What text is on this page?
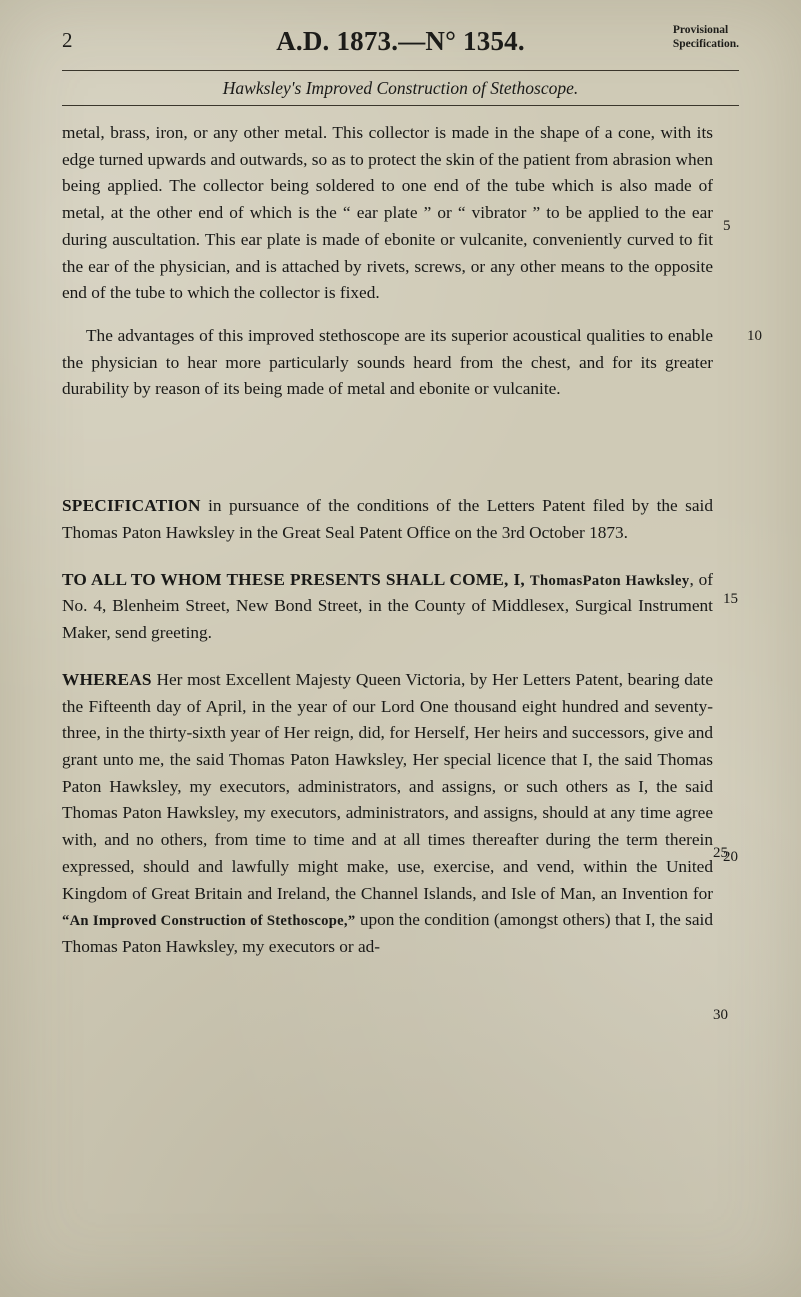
2	A.D. 1873.—N° 1354.	Provisional
Specification.
Hawksley's Improved Construction of Stethoscope.

5
metal, brass, iron, or any other metal. This collector is made in the shape of a cone, with its edge turned upwards and outwards, so as to protect the skin of the patient from abrasion when being applied. The collector being soldered to one end of the tube which is also made of metal, at the other end of which is the “ ear plate ” or “ vibrator ” to be applied to the ear during auscultation. This ear plate is made of ebonite or vulcanite, conveniently curved to fit the ear of the physician, and is attached by rivets, screws, or any other means to the opposite end of the tube to which the collector is fixed.

10
The advantages of this improved stethoscope are its superior acoustical qualities to enable the physician to hear more particularly sounds heard from the chest, and for its greater durability by reason of its being made of metal and ebonite or vulcanite.

15
SPECIFICATION in pursuance of the conditions of the Letters Patent filed by the said Thomas Paton Hawksley in the Great Seal Patent Office on the 3rd October 1873.

TO ALL TO WHOM THESE PRESENTS SHALL COME, I, ThomasPaton Hawksley, of No. 4, Blenheim Street, New Bond Street, in the County of Middlesex, Surgical Instrument Maker, send greeting.

20
WHEREAS Her most Excellent Majesty Queen Victoria, by Her Letters Patent, bearing date the Fifteenth day of April, in the year of our Lord One thousand eight hundred and seventy-three, in the thirty-sixth year of Her reign, did, for Herself, Her heirs and successors, give and grant unto me, the said Thomas Paton Hawksley, Her special licence that I, the said Thomas Paton Hawksley, my executors, administrators, and assigns, or such others as I, the said Thomas Paton Hawksley, my executors, administrators, and assigns, should at any time agree with, and no others, from time to time and at all times thereafter during the term therein expressed, should and lawfully might make, use, exercise, and vend, within the United Kingdom of Great Britain and Ireland, the Channel Islands, and Isle of Man, an Invention for “An Improved Construction of Stethoscope,” upon the condition (amongst others) that I, the said Thomas Paton Hawksley, my executors or ad-

25
30
